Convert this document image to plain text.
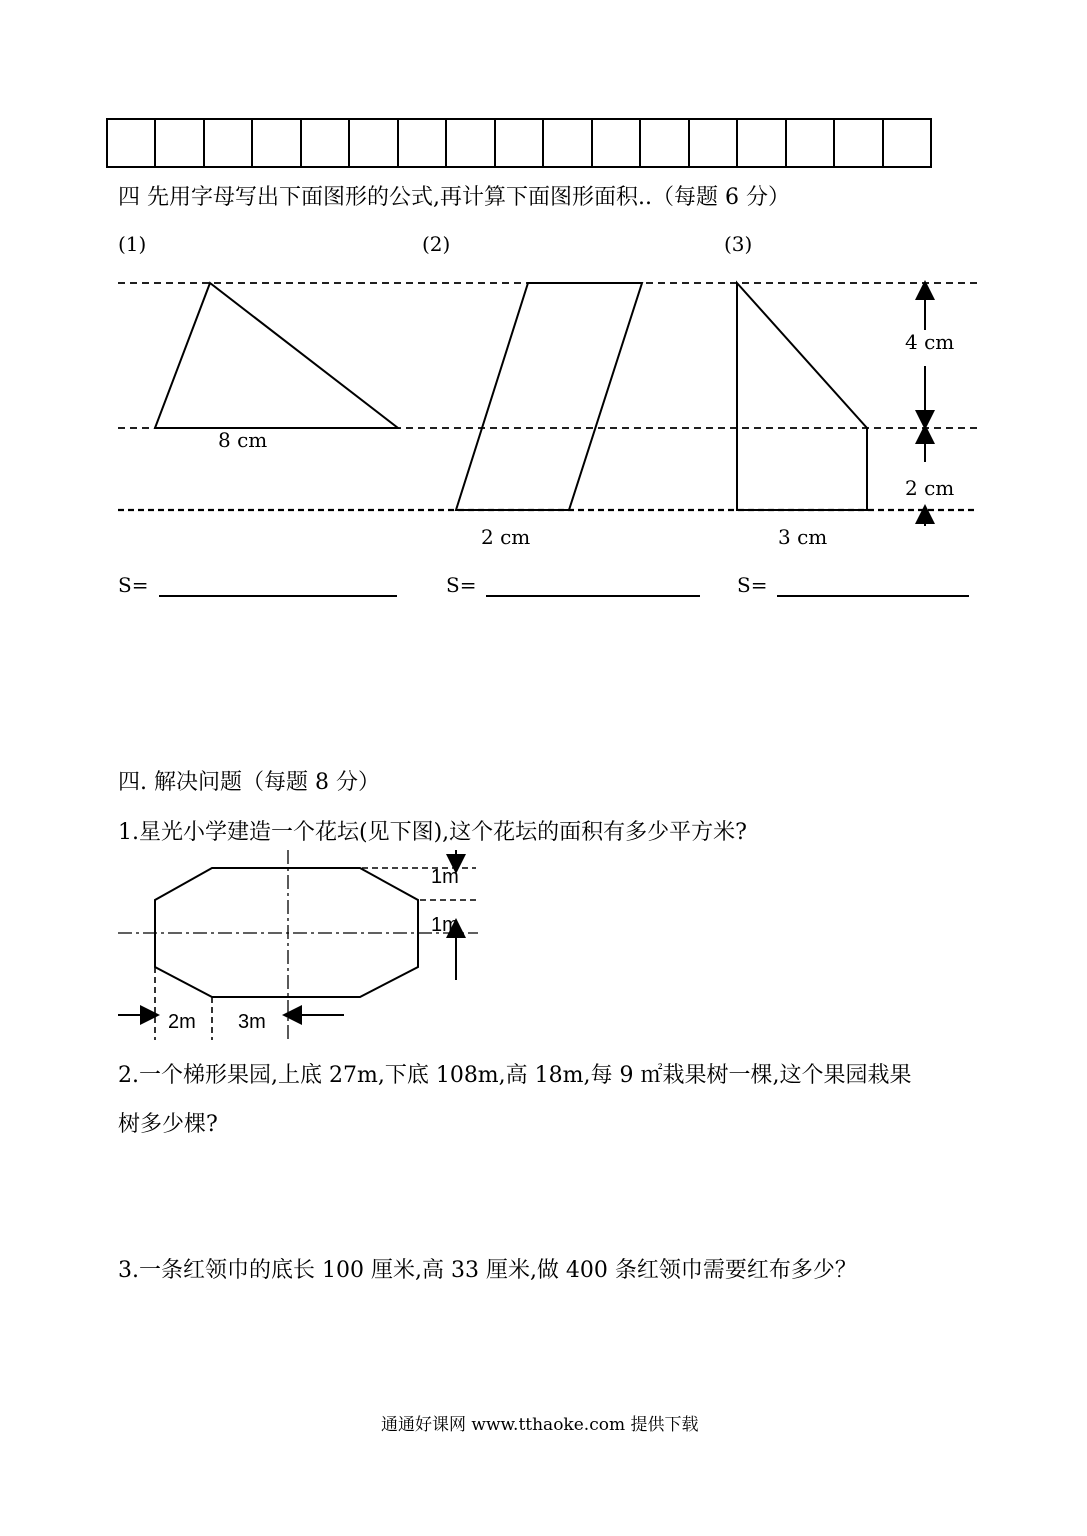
四 先用字母写出下面图形的公式,再计算下面图形面积..（每题 6 分）
(1)	(2)	(3)
8 cm
2 cm	3 cm
4 cm
2 cm
S=	S=	S=
四. 解决问题（每题 8 分）
1.星光小学建造一个花坛(见下图),这个花坛的面积有多少平方米?
1m
1m
2m 3m
2.一个梯形果园,上底 27m,下底 108m,高 18m,每 9 ㎡栽果树一棵,这个果园栽果
树多少棵?
3.一条红领巾的底长 100 厘米,高 33 厘米,做 400 条红领巾需要红布多少？
通通好课网 www.tthaoke.com 提供下载
